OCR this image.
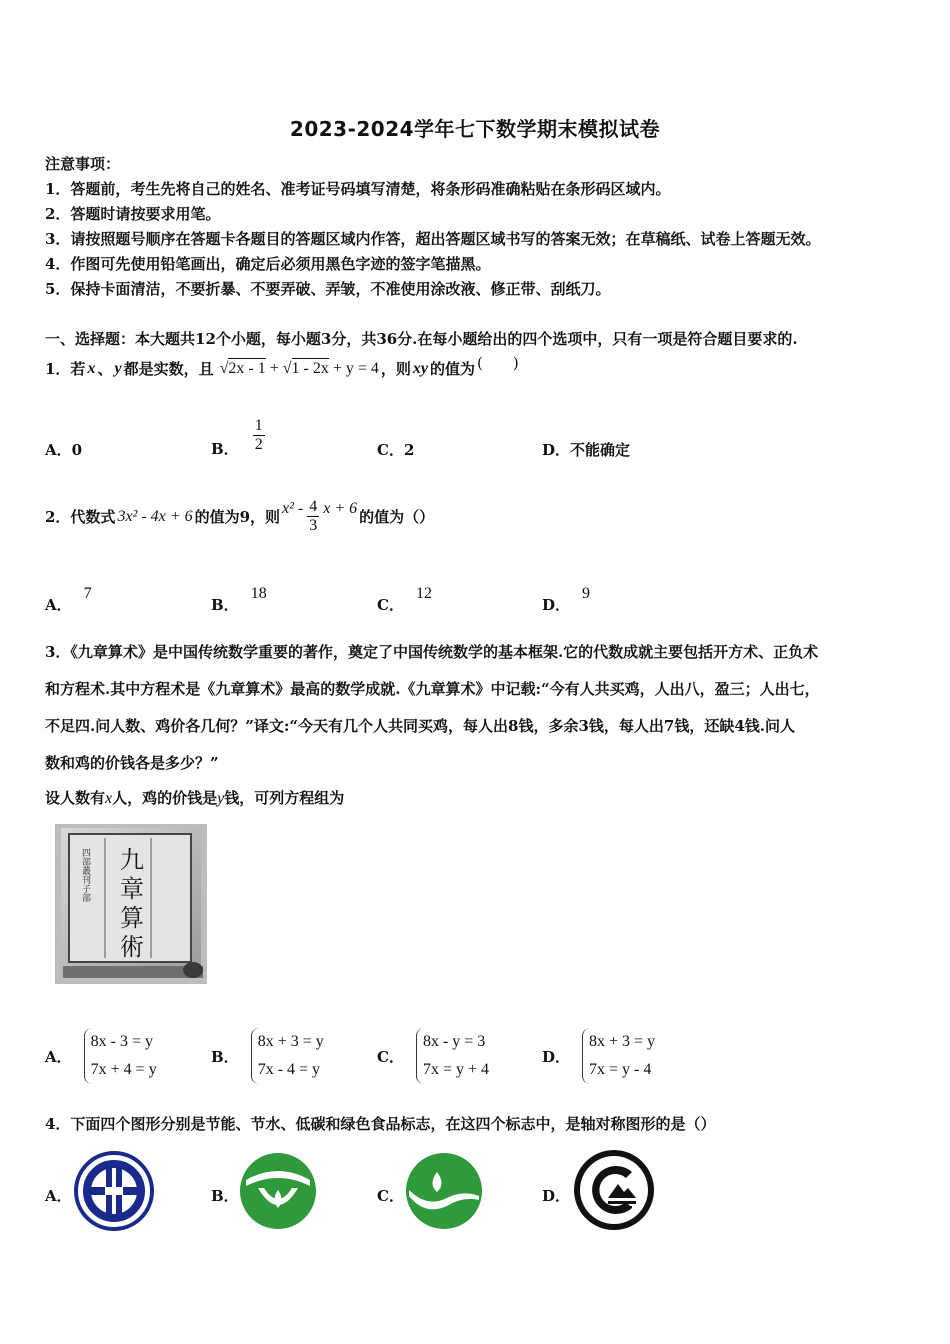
2023-2024学年七下数学期末模拟试卷
注意事项：
1．答题前，考生先将自己的姓名、准考证号码填写清楚，将条形码准确粘贴在条形码区域内。
2．答题时请按要求用笔。
3．请按照题号顺序在答题卡各题目的答题区域内作答，超出答题区域书写的答案无效；在草稿纸、试卷上答题无效。
4．作图可先使用铅笔画出，确定后必须用黑色字迹的签字笔描黑。
5．保持卡面清洁，不要折暴、不要弄破、弄皱，不准使用涂改液、修正带、刮纸刀。
一、选择题：本大题共12个小题，每小题3分，共36分.在每小题给出的四个选项中，只有一项是符合题目要求的.
1．若 x 、 y 都是实数，且 √2x - 1 + √1 - 2x + y = 4 ，则 xy 的值为 (　　)
A．0	B． $\frac{1}{2}$	C．2	D．不能确定
2．代数式 3x² - 4x + 6 的值为9，则 $x^2 - \frac{4}{3}$ x + 6 的值为（）
A．7
B．18
C．12
D．9
3．《九章算术》是中国传统数学重要的著作，奠定了中国传统数学的基本框架.它的代数成就主要包括开方术、正负术
和方程术.其中方程术是《九章算术》最高的数学成就.《九章算术》中记载:“今有人共买鸡，人出八，盈三；人出七，
不足四.问人数、鸡价各几何？”译文:“今天有几个人共同买鸡，每人出8钱，多余3钱，每人出7钱，还缺4钱.问人
数和鸡的价钱各是多少？”
设人数有x人，鸡的价钱是y钱，可列方程组为
九
章
算
術
四部叢刊子部
A．
8x - 3 = y
7x + 4 = y
B．
8x + 3 = y
7x - 4 = y
C．
8x - y = 3
7x = y + 4
D．
8x + 3 = y
7x = y - 4
4．下面四个图形分别是节能、节水、低碳和绿色食品标志，在这四个标志中，是轴对称图形的是（）
A．	B．	C．	D．
